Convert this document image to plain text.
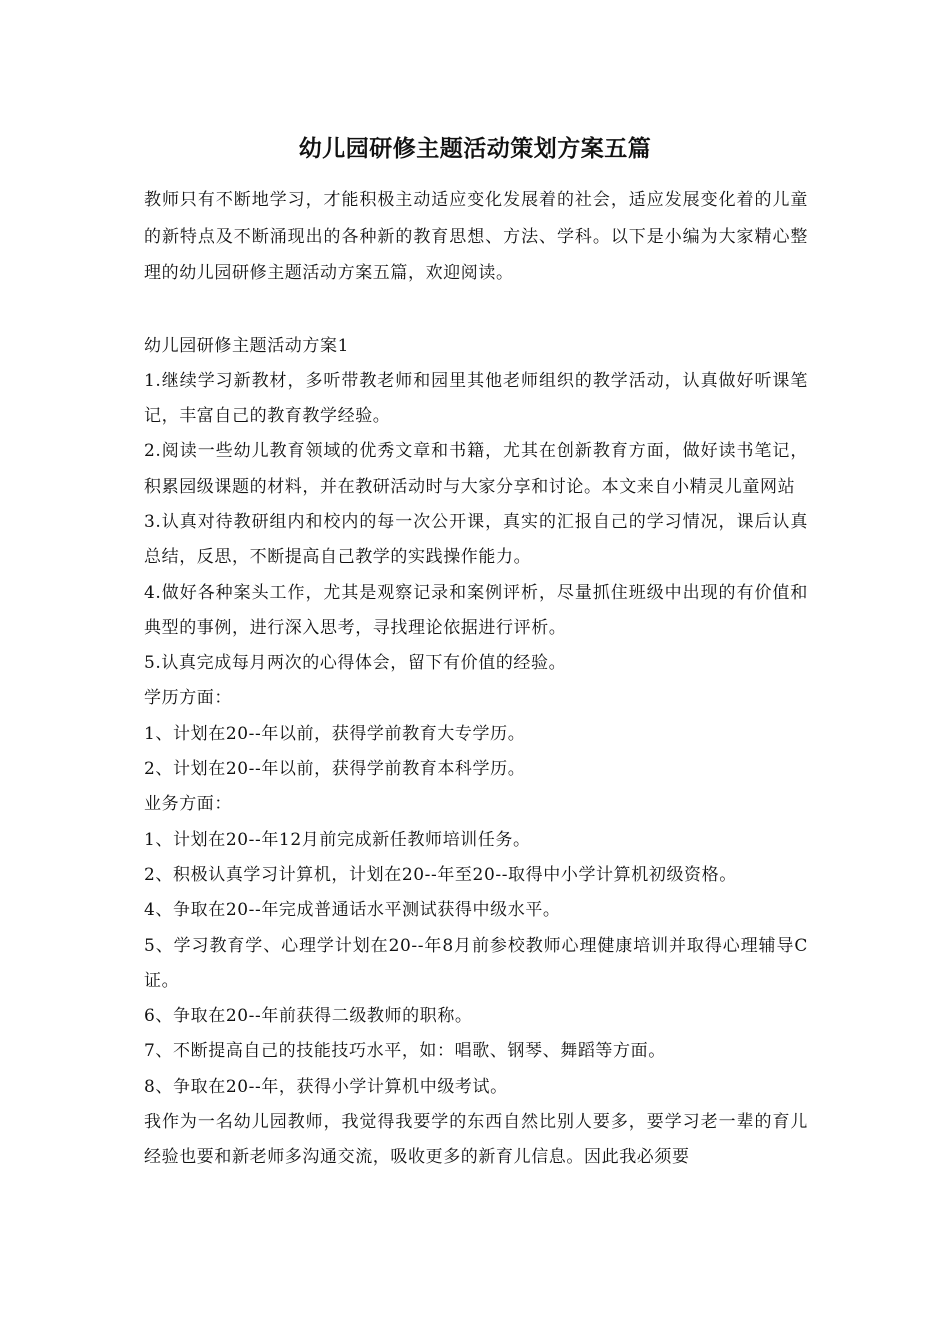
幼儿园研修主题活动策划方案五篇

教师只有不断地学习，才能积极主动适应变化发展着的社会，适应发展变化着的儿童的新特点及不断涌现出的各种新的教育思想、方法、学科。以下是小编为大家精心整理的幼儿园研修主题活动方案五篇，欢迎阅读。

幼儿园研修主题活动方案1

1.继续学习新教材，多听带教老师和园里其他老师组织的教学活动，认真做好听课笔记，丰富自己的教育教学经验。

2.阅读一些幼儿教育领域的优秀文章和书籍，尤其在创新教育方面，做好读书笔记，积累园级课题的材料，并在教研活动时与大家分享和讨论。本文来自小精灵儿童网站

3.认真对待教研组内和校内的每一次公开课，真实的汇报自己的学习情况，课后认真总结，反思，不断提高自己教学的实践操作能力。

4.做好各种案头工作，尤其是观察记录和案例评析，尽量抓住班级中出现的有价值和典型的事例，进行深入思考，寻找理论依据进行评析。

5.认真完成每月两次的心得体会，留下有价值的经验。

学历方面：

1、计划在20--年以前，获得学前教育大专学历。

2、计划在20--年以前，获得学前教育本科学历。

业务方面：

1、计划在20--年12月前完成新任教师培训任务。

2、积极认真学习计算机，计划在20--年至20--取得中小学计算机初级资格。

4、争取在20--年完成普通话水平测试获得中级水平。

5、学习教育学、心理学计划在20--年8月前参校教师心理健康培训并取得心理辅导C证。

6、争取在20--年前获得二级教师的职称。

7、不断提高自己的技能技巧水平，如：唱歌、钢琴、舞蹈等方面。

8、争取在20--年，获得小学计算机中级考试。

我作为一名幼儿园教师，我觉得我要学的东西自然比别人要多，要学习老一辈的育儿经验也要和新老师多沟通交流，吸收更多的新育儿信息。因此我必须要
